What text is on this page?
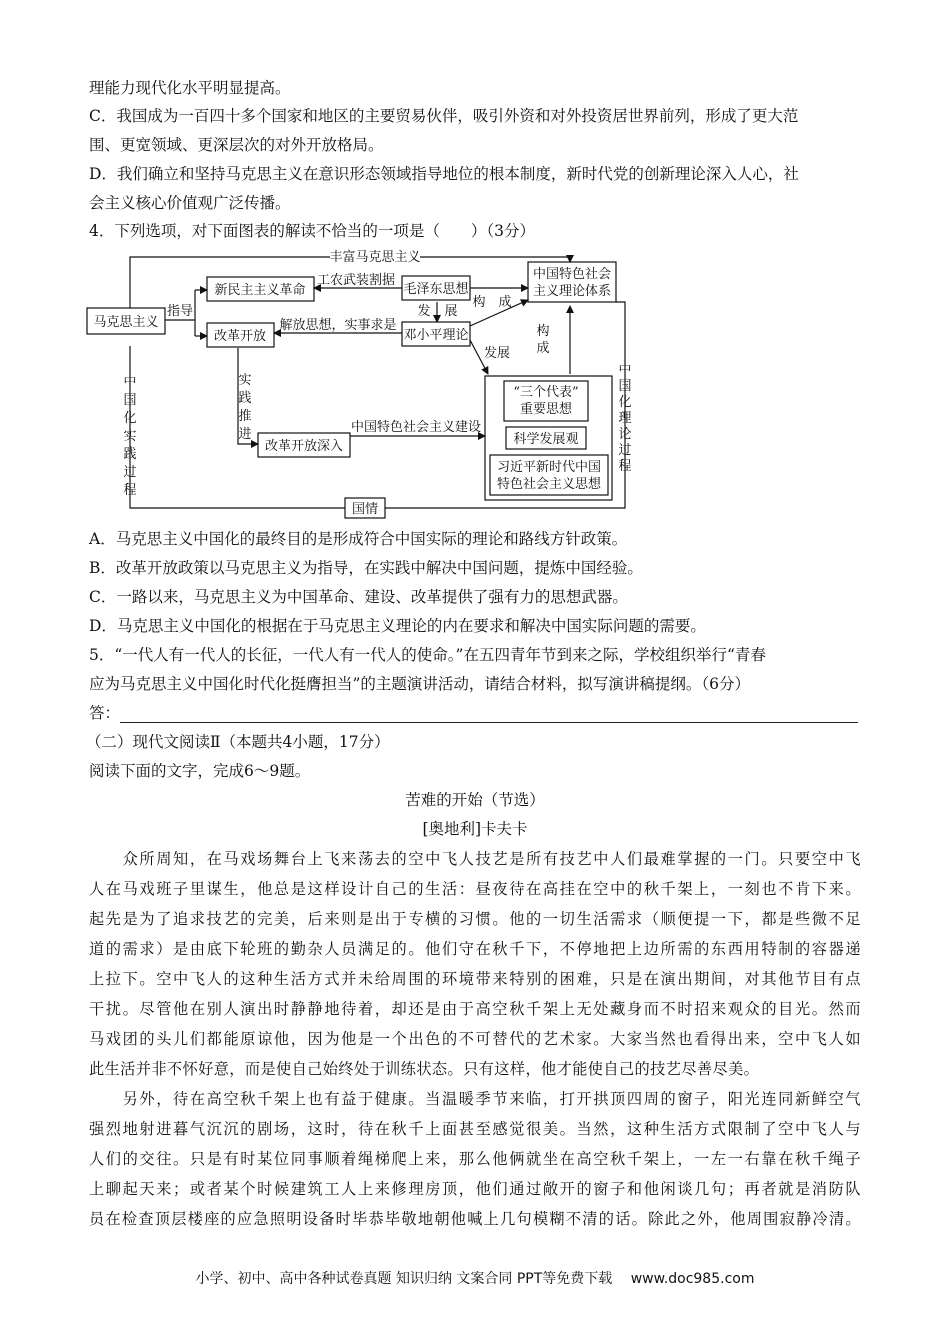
理能力现代化水平明显提高。
C．我国成为一百四十多个国家和地区的主要贸易伙伴，吸引外资和对外投资居世界前列，形成了更大范
围、更宽领域、更深层次的对外开放格局。
D．我们确立和坚持马克思主义在意识形态领域指导地位的根本制度，新时代党的创新理论深入人心，社
会主义核心价值观广泛传播。
4．下列选项，对下面图表的解读不恰当的一项是（　　）（3分）
丰富马克思主义
马克思主义
指导
新民主主义革命
工农武装割据
毛泽东思想
发 展
构　成
中国特色社会
主义理论体系
改革开放
解放思想，实事求是
邓小平理论
发展
“三个代表”
重要思想
科学发展观
习近平新时代中国
特色社会主义思想
中国特色社会主义建设
改革开放深入
国情
中国化实践过程
实践推进
构成
中国化理论过程
A．马克思主义中国化的最终目的是形成符合中国实际的理论和路线方针政策。
B．改革开放政策以马克思主义为指导，在实践中解决中国问题，提炼中国经验。
C．一路以来，马克思主义为中国革命、建设、改革提供了强有力的思想武器。
D．马克思主义中国化的根据在于马克思主义理论的内在要求和解决中国实际问题的需要。
5．“一代人有一代人的长征，一代人有一代人的使命。”在五四青年节到来之际，学校组织举行“青春
应为马克思主义中国化时代化挺膺担当”的主题演讲活动，请结合材料，拟写演讲稿提纲。（6分）
答：
（二）现代文阅读Ⅱ（本题共4小题，17分）
阅读下面的文字，完成6～9题。
苦难的开始（节选）
[奥地利]卡夫卡
　　众所周知，在马戏场舞台上飞来荡去的空中飞人技艺是所有技艺中人们最难掌握的一门。只要空中飞
人在马戏班子里谋生，他总是这样设计自己的生活：昼夜待在高挂在空中的秋千架上，一刻也不肯下来。
起先是为了追求技艺的完美，后来则是出于专横的习惯。他的一切生活需求（顺便提一下，都是些微不足
道的需求）是由底下轮班的勤杂人员满足的。他们守在秋千下，不停地把上边所需的东西用特制的容器递
上拉下。空中飞人的这种生活方式并未给周围的环境带来特别的困难，只是在演出期间，对其他节目有点
干扰。尽管他在别人演出时静静地待着，却还是由于高空秋千架上无处藏身而不时招来观众的目光。然而
马戏团的头儿们都能原谅他，因为他是一个出色的不可替代的艺术家。大家当然也看得出来，空中飞人如
此生活并非不怀好意，而是使自己始终处于训练状态。只有这样，他才能使自己的技艺尽善尽美。
　　另外，待在高空秋千架上也有益于健康。当温暖季节来临，打开拱顶四周的窗子，阳光连同新鲜空气
强烈地射进暮气沉沉的剧场，这时，待在秋千上面甚至感觉很美。当然，这种生活方式限制了空中飞人与
人们的交往。只是有时某位同事顺着绳梯爬上来，那么他俩就坐在高空秋千架上，一左一右靠在秋千绳子
上聊起天来；或者某个时候建筑工人上来修理房顶，他们通过敞开的窗子和他闲谈几句；再者就是消防队
员在检查顶层楼座的应急照明设备时毕恭毕敬地朝他喊上几句模糊不清的话。除此之外，他周围寂静冷清。
小学、初中、高中各种试卷真题 知识归纳 文案合同 PPT等免费下载　 www.doc985.com
